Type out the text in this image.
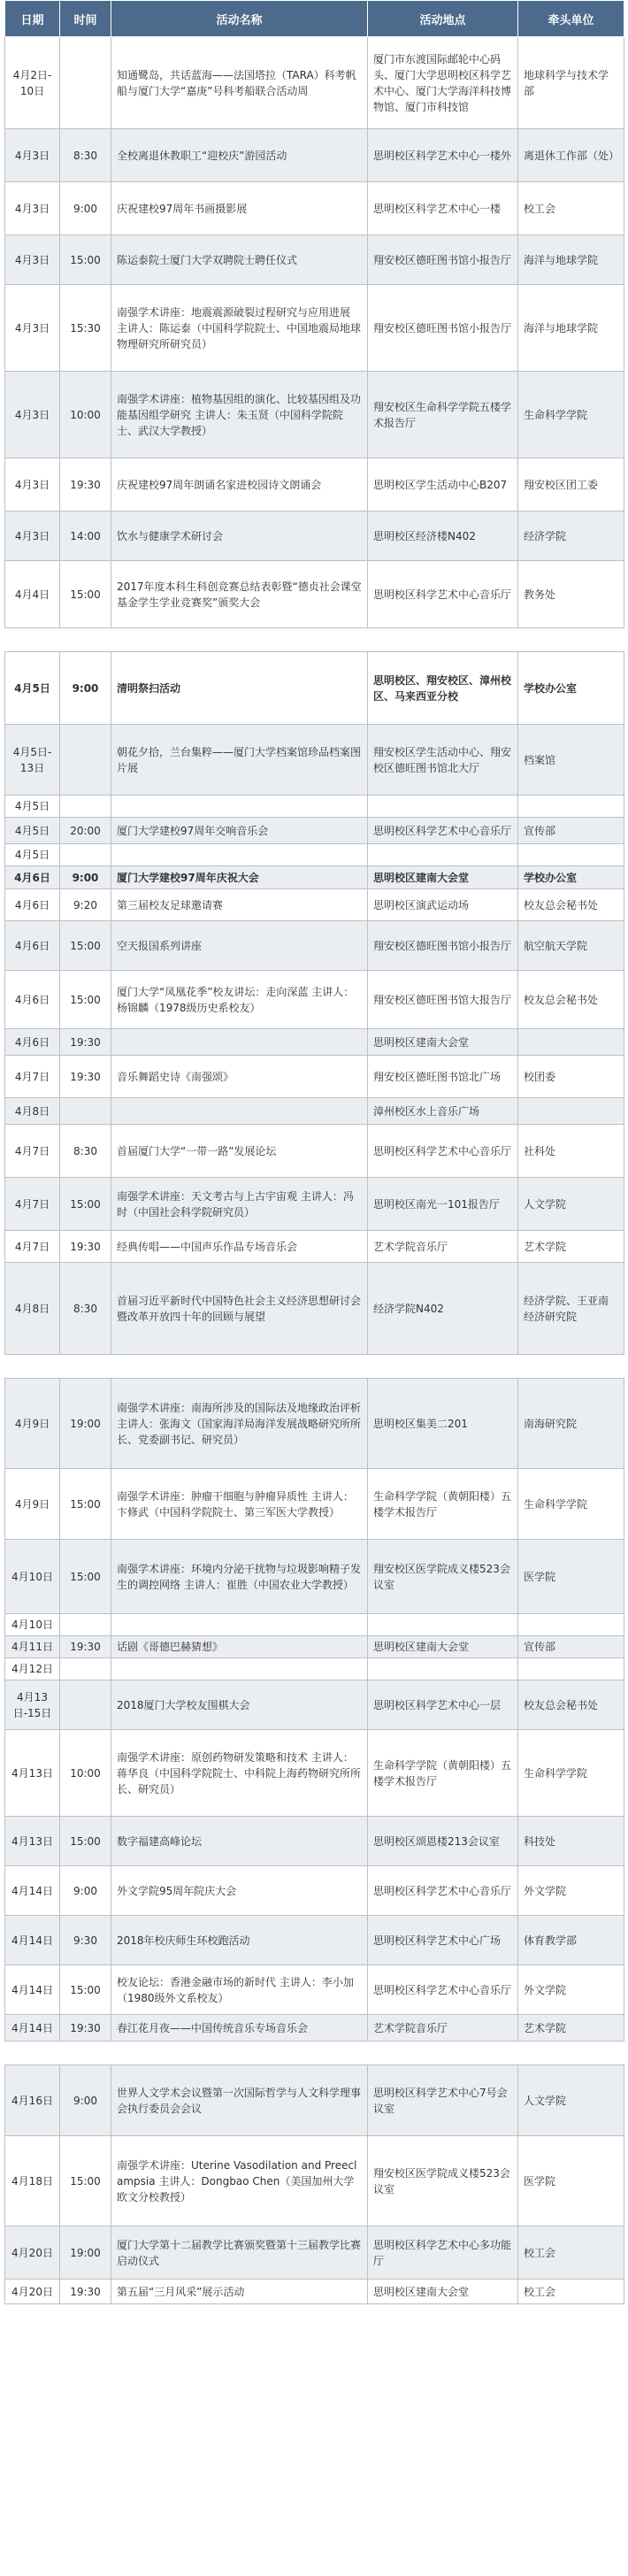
日期	时间	活动名称	活动地点	牵头单位
4月2日-10日		知通鹭岛，共话蓝海——法国塔拉（TARA）科考帆船与厦门大学“嘉庚”号科考船联合活动周	厦门市东渡国际邮轮中心码头、厦门大学思明校区科学艺术中心、厦门大学海洋科技博物馆、厦门市科技馆	地球科学与技术学部
4月3日	8:30	全校离退休教职工“迎校庆”游园活动	思明校区科学艺术中心一楼外	离退休工作部（处）
4月3日	9:00	庆祝建校97周年书画摄影展	思明校区科学艺术中心一楼	校工会
4月3日	15:00	陈运泰院士厦门大学双聘院士聘任仪式	翔安校区德旺图书馆小报告厅	海洋与地球学院
4月3日	15:30	南强学术讲座：地震震源破裂过程研究与应用进展 主讲人：陈运泰（中国科学院院士、中国地震局地球物理研究所研究员）	翔安校区德旺图书馆小报告厅	海洋与地球学院
4月3日	10:00	南强学术讲座：植物基因组的演化、比较基因组及功能基因组学研究 主讲人：朱玉贤（中国科学院院士、武汉大学教授）	翔安校区生命科学学院五楼学术报告厅	生命科学学院
4月3日	19:30	庆祝建校97周年朗诵名家进校园诗文朗诵会	思明校区学生活动中心B207	翔安校区团工委
4月3日	14:00	饮水与健康学术研讨会	思明校区经济楼N402	经济学院
4月4日	15:00	2017年度本科生科创竞赛总结表彰暨“德贞社会课堂基金学生学业竞赛奖”颁奖大会	思明校区科学艺术中心音乐厅	教务处

4月5日	9:00	清明祭扫活动	思明校区、翔安校区、漳州校区、马来西亚分校	学校办公室
4月5日-13日		朝花夕拾，兰台集粹——厦门大学档案馆珍品档案图片展	翔安校区学生活动中心、翔安校区德旺图书馆北大厅	档案馆
4月5日				
4月5日	20:00	厦门大学建校97周年交响音乐会	思明校区科学艺术中心音乐厅	宣传部
4月5日				
4月6日	9:00	厦门大学建校97周年庆祝大会	思明校区建南大会堂	学校办公室
4月6日	9:20	第三届校友足球邀请赛	思明校区演武运动场	校友总会秘书处
4月6日	15:00	空天报国系列讲座	翔安校区德旺图书馆小报告厅	航空航天学院
4月6日	15:00	厦门大学“凤凰花季”校友讲坛：走向深蓝 主讲人：杨锦麟（1978级历史系校友）	翔安校区德旺图书馆大报告厅	校友总会秘书处
4月6日	19:30		思明校区建南大会堂	
4月7日	19:30	音乐舞蹈史诗《南强颂》	翔安校区德旺图书馆北广场	校团委
4月8日			漳州校区水上音乐广场	
4月7日	8:30	首届厦门大学“一带一路”发展论坛	思明校区科学艺术中心音乐厅	社科处
4月7日	15:00	南强学术讲座：天文考古与上古宇宙观 主讲人：冯时（中国社会科学院研究员）	思明校区南光一101报告厅	人文学院
4月7日	19:30	经典传唱——中国声乐作品专场音乐会	艺术学院音乐厅	艺术学院
4月8日	8:30	首届习近平新时代中国特色社会主义经济思想研讨会暨改革开放四十年的回顾与展望	经济学院N402	经济学院、王亚南经济研究院

4月9日	19:00	南强学术讲座：南海所涉及的国际法及地缘政治评析 主讲人：张海文（国家海洋局海洋发展战略研究所所长、党委副书记、研究员）	思明校区集美二201	南海研究院
4月9日	15:00	南强学术讲座：肿瘤干细胞与肿瘤异质性 主讲人：卞修武（中国科学院院士、第三军医大学教授）	生命科学学院（黄朝阳楼）五楼学术报告厅	生命科学学院
4月10日	15:00	南强学术讲座：环境内分泌干扰物与垃圾影响精子发生的调控网络 主讲人：崔胜（中国农业大学教授）	翔安校区医学院成义楼523会议室	医学院
4月10日				
4月11日	19:30	话剧《哥德巴赫猜想》	思明校区建南大会堂	宣传部
4月12日				
4月13日-15日		2018厦门大学校友围棋大会	思明校区科学艺术中心一层	校友总会秘书处
4月13日	10:00	南强学术讲座：原创药物研发策略和技术 主讲人：蒋华良（中国科学院院士、中科院上海药物研究所所长、研究员）	生命科学学院（黄朝阳楼）五楼学术报告厅	生命科学学院
4月13日	15:00	数字福建高峰论坛	思明校区颂恩楼213会议室	科技处
4月14日	9:00	外文学院95周年院庆大会	思明校区科学艺术中心音乐厅	外文学院
4月14日	9:30	2018年校庆师生环校跑活动	思明校区科学艺术中心广场	体育教学部
4月14日	15:00	校友论坛：香港金融市场的新时代 主讲人：李小加（1980级外文系校友）	思明校区科学艺术中心音乐厅	外文学院
4月14日	19:30	春江花月夜——中国传统音乐专场音乐会	艺术学院音乐厅	艺术学院

4月16日	9:00	世界人文学术会议暨第一次国际哲学与人文科学理事会执行委员会会议	思明校区科学艺术中心7号会议室	人文学院
4月18日	15:00	南强学术讲座：Uterine Vasodilation and Preeclampsia 主讲人：Dongbao Chen（美国加州大学欧文分校教授）	翔安校区医学院成义楼523会议室	医学院
4月20日	19:00	厦门大学第十二届教学比赛颁奖暨第十三届教学比赛启动仪式	思明校区科学艺术中心多功能厅	校工会
4月20日	19:30	第五届“三月风采”展示活动	思明校区建南大会堂	校工会
